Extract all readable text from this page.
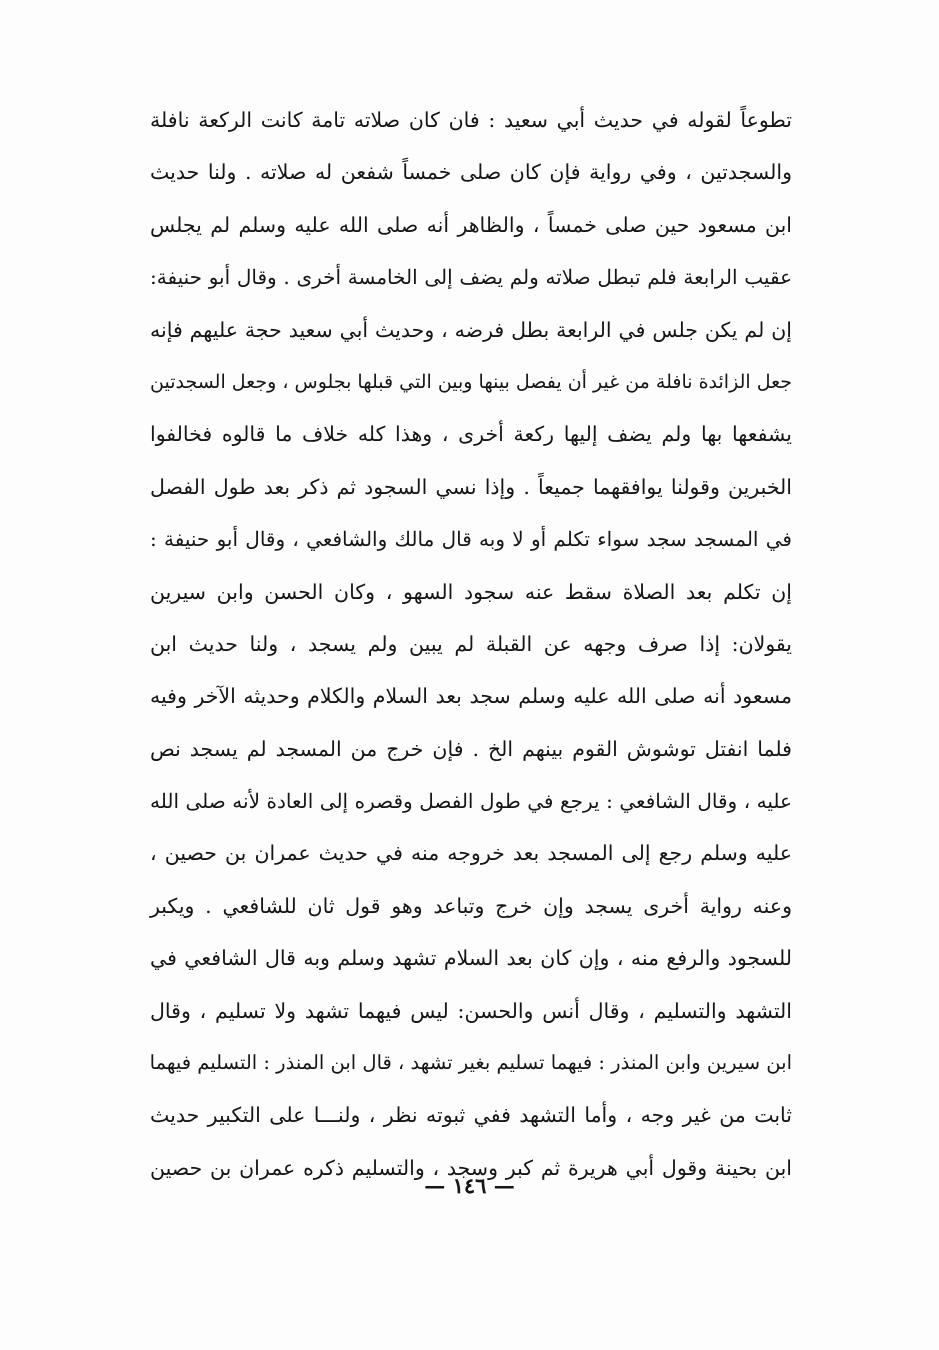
تطوعاً لقوله في حديث أبي سعيد : فان كان صلاته تامة كانت الركعة نافلة
والسجدتين ، وفي رواية فإن كان صلى خمساً شفعن له صلاته . ولنا حديث
ابن مسعود حين صلى خمساً ، والظاهر أنه صلى الله عليه وسلم لم يجلس
عقيب الرابعة فلم تبطل صلاته ولم يضف إلى الخامسة أخرى . وقال أبو حنيفة:
إن لم يكن جلس في الرابعة بطل فرضه ، وحديث أبي سعيد حجة عليهم فإنه
جعل الزائدة نافلة من غير أن يفصل بينها وبين التي قبلها بجلوس ، وجعل السجدتين
يشفعها بها ولم يضف إليها ركعة أخرى ، وهذا كله خلاف ما قالوه فخالفوا
الخبرين وقولنا يوافقهما جميعاً . وإذا نسي السجود ثم ذكر بعد طول الفصل
في المسجد سجد سواء تكلم أو لا وبه قال مالك والشافعي ، وقال أبو حنيفة :
إن تكلم بعد الصلاة سقط عنه سجود السهو ، وكان الحسن وابن سيرين
يقولان: إذا صرف وجهه عن القبلة لم يبين ولم يسجد ، ولنا حديث ابن
مسعود أنه صلى الله عليه وسلم سجد بعد السلام والكلام وحديثه الآخر وفيه
فلما انفتل توشوش القوم بينهم الخ . فإن خرج من المسجد لم يسجد نص
عليه ، وقال الشافعي : يرجع في طول الفصل وقصره إلى العادة لأنه صلى الله
عليه وسلم رجع إلى المسجد بعد خروجه منه في حديث عمران بن حصين ،
وعنه رواية أخرى يسجد وإن خرج وتباعد وهو قول ثان للشافعي . ويكبر
للسجود والرفع منه ، وإن كان بعد السلام تشهد وسلم وبه قال الشافعي في
التشهد والتسليم ، وقال أنس والحسن: ليس فيهما تشهد ولا تسليم ، وقال
ابن سيرين وابن المنذر : فيهما تسليم بغير تشهد ، قال ابن المنذر : التسليم فيهما
ثابت من غير وجه ، وأما التشهد ففي ثبوته نظر ، ولنـــا على التكبير حديث
ابن بحينة وقول أبي هريرة ثم كبر وسجد ، والتسليم ذكره عمران بن حصين
— ١٤٦ —
